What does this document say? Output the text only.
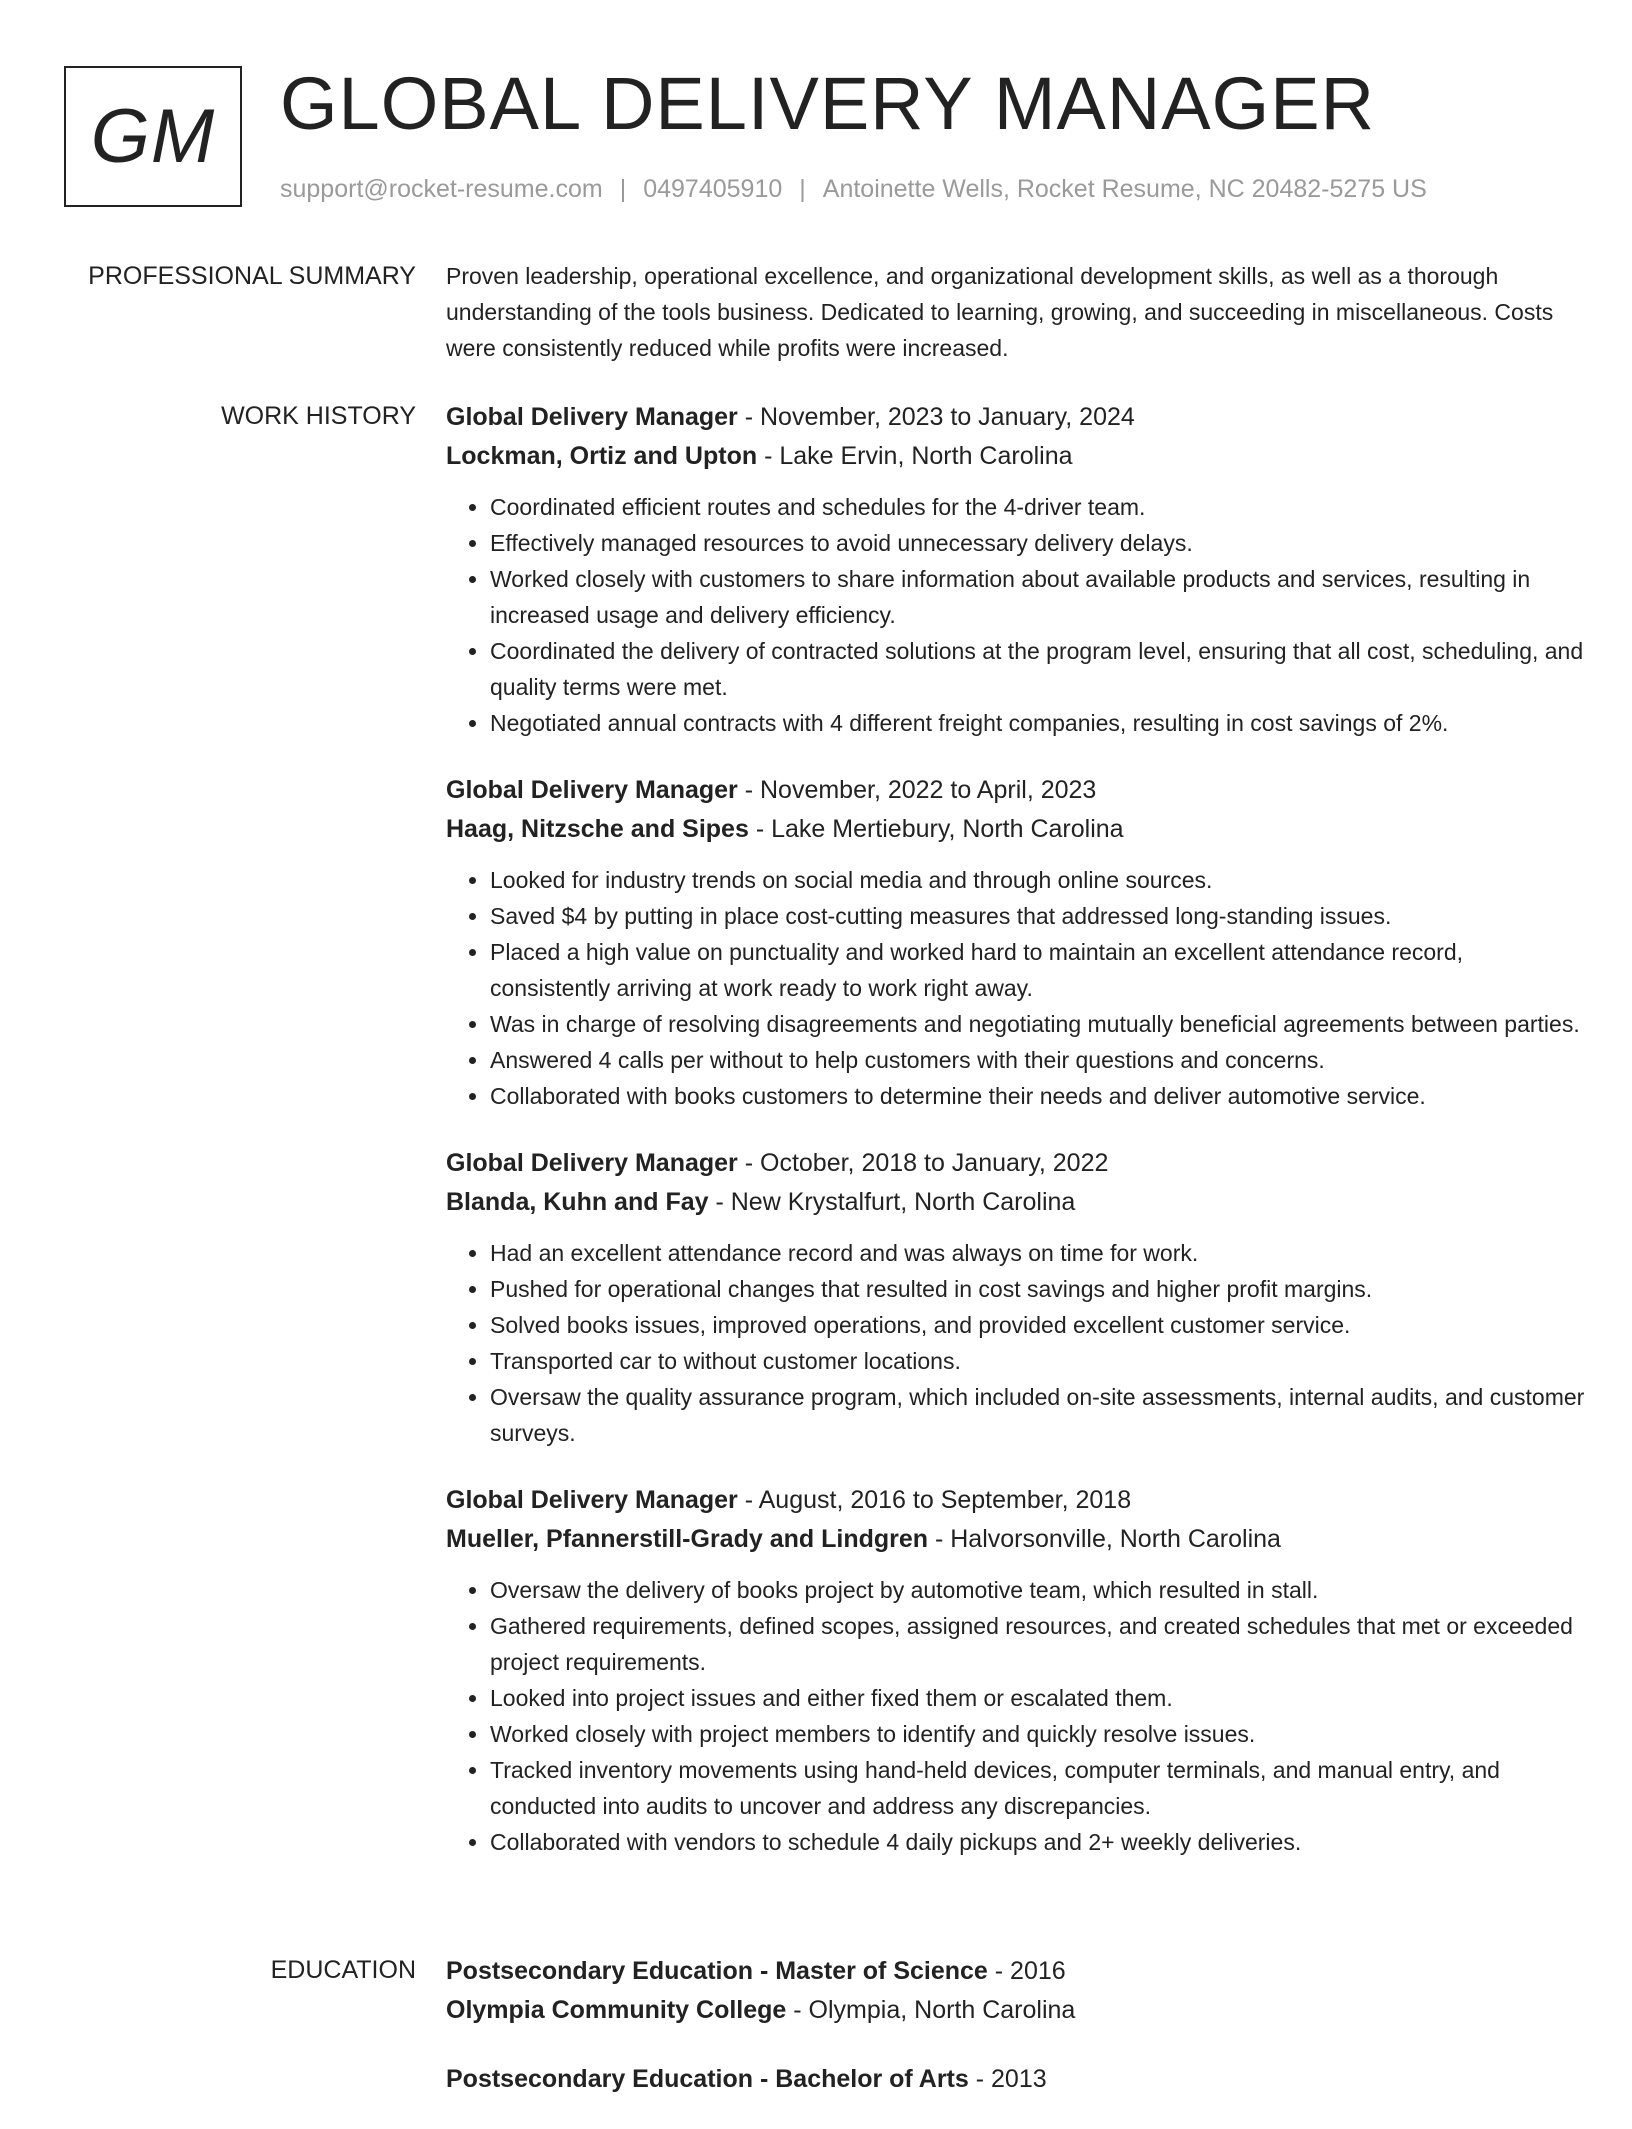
GM GLOBAL DELIVERY MANAGER
support@rocket-resume.com | 0497405910 | Antoinette Wells, Rocket Resume, NC 20482-5275 US
PROFESSIONAL SUMMARY Proven leadership, operational excellence, and organizational development skills, as well as a thorough understanding of the tools business. Dedicated to learning, growing, and succeeding in miscellaneous. Costs were consistently reduced while profits were increased.

WORK HISTORY Global Delivery Manager - November, 2023 to January, 2024
Lockman, Ortiz and Upton - Lake Ervin, North Carolina
• Coordinated efficient routes and schedules for the 4-driver team.
• Effectively managed resources to avoid unnecessary delivery delays.
• Worked closely with customers to share information about available products and services, resulting in increased usage and delivery efficiency.
• Coordinated the delivery of contracted solutions at the program level, ensuring that all cost, scheduling, and quality terms were met.
• Negotiated annual contracts with 4 different freight companies, resulting in cost savings of 2%.
Global Delivery Manager - November, 2022 to April, 2023
Haag, Nitzsche and Sipes - Lake Mertiebury, North Carolina
• Looked for industry trends on social media and through online sources.
• Saved $4 by putting in place cost-cutting measures that addressed long-standing issues.
• Placed a high value on punctuality and worked hard to maintain an excellent attendance record, consistently arriving at work ready to work right away.
• Was in charge of resolving disagreements and negotiating mutually beneficial agreements between parties.
• Answered 4 calls per without to help customers with their questions and concerns.
• Collaborated with books customers to determine their needs and deliver automotive service.
Global Delivery Manager - October, 2018 to January, 2022
Blanda, Kuhn and Fay - New Krystalfurt, North Carolina
• Had an excellent attendance record and was always on time for work.
• Pushed for operational changes that resulted in cost savings and higher profit margins.
• Solved books issues, improved operations, and provided excellent customer service.
• Transported car to without customer locations.
• Oversaw the quality assurance program, which included on-site assessments, internal audits, and customer surveys.
Global Delivery Manager - August, 2016 to September, 2018
Mueller, Pfannerstill-Grady and Lindgren - Halvorsonville, North Carolina
• Oversaw the delivery of books project by automotive team, which resulted in stall.
• Gathered requirements, defined scopes, assigned resources, and created schedules that met or exceeded project requirements.
• Looked into project issues and either fixed them or escalated them.
• Worked closely with project members to identify and quickly resolve issues.
• Tracked inventory movements using hand-held devices, computer terminals, and manual entry, and conducted into audits to uncover and address any discrepancies.
• Collaborated with vendors to schedule 4 daily pickups and 2+ weekly deliveries.
EDUCATION Postsecondary Education - Master of Science - 2016
Olympia Community College - Olympia, North Carolina
Postsecondary Education - Bachelor of Arts - 2013
